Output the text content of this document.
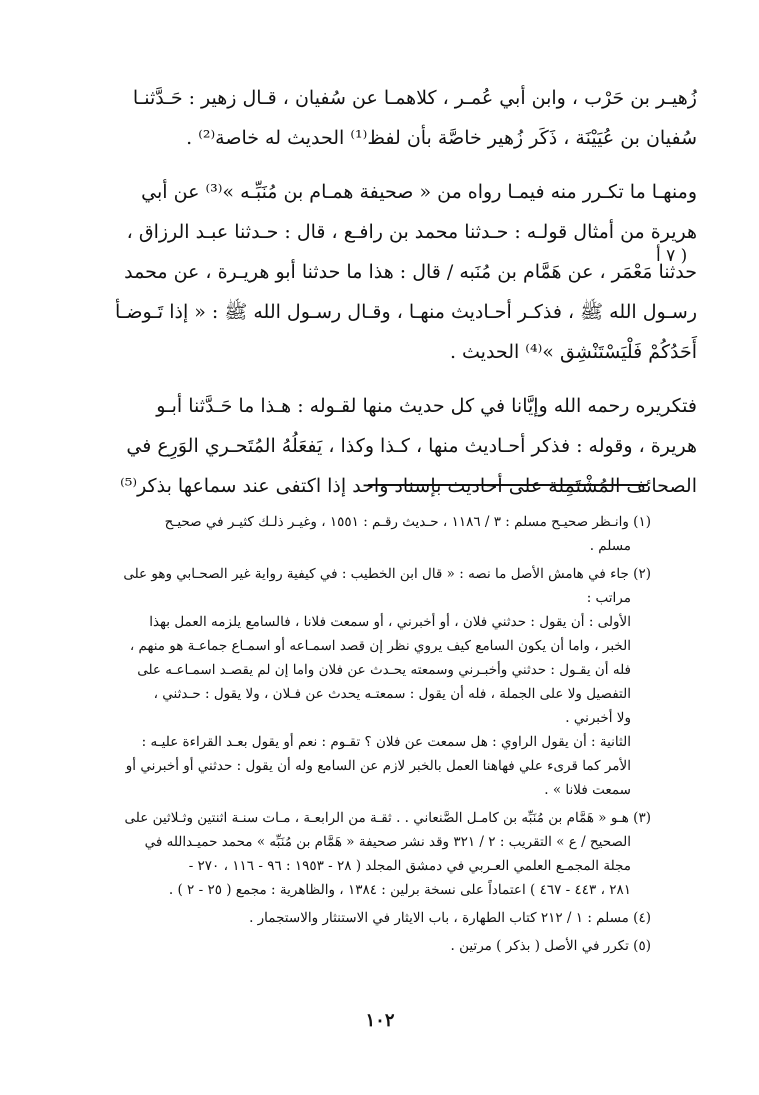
٧ أ )

زُهيـر بن حَرْب ، وابن أبي عُمـر ، كلاهمـا عن سُفيان ، قـال زهير : حَـدَّثنـا
سُفيان بن عُيَيْنَة ، ذَكَر زُهير خاصَّة بأن لفظ⁽¹⁾ الحديث له خاصة⁽²⁾ .

ومنهـا ما تكـرر منه فيمـا رواه من « صحيفة همـام بن مُنَبِّـه »⁽³⁾ عن أبي
هريرة من أمثال قولـه : حـدثنا محمد بن رافـع ، قال : حـدثنا عبـد الرزاق ،
حدثنا مَعْمَر ، عن هَمَّام بن مُنَبه / قال : هذا ما حدثنا أبو هريـرة ، عن محمد
رسـول الله ﷺ ، فذكـر أحـاديث منهـا ، وقـال رسـول الله ﷺ : « إذا تَـوضـأ
أَحَدُكُمْ فَلْيَسْتَنْشِق »⁽⁴⁾ الحديث .

فتكريره رحمه الله وإيَّانا في كل حديث منها لقـوله : هـذا ما حَـدَّثنا أبـو
هريرة ، وقوله : فذكر أحـاديث منها ، كـذا وكذا ، يَفعَلُهُ المُتَحـري الوَرِع في
الصحائف المُشْتَمِلة على أحاديث بإسناد واحد إذا اكتفى عند سماعها بذكر⁽⁵⁾

(١) وانـظر صحيـح مسلم : ٣ / ١١٨٦ ، حـديث رقـم : ١٥٥١ ، وغيـر ذلـك كثيـر في صحيـح
مسلم .
(٢) جاء في هامش الأصل ما نصه : « قال ابن الخطيب : في كيفية رواية غير الصحـابي وهو على
مراتب :
الأولى : أن يقول : حدثني فلان ، أو أخبرني ، أو سمعت فلانا ، فالسامع يلزمه العمل بهذا
الخبر ، واما أن يكون السامع كيف يروي نظر إن قصد اسمـاعه أو اسمـاع جماعـة هو منهم ،
فله أن يقـول : حدثني وأخبـرني وسمعته يحـدث عن فلان واما إن لم يقصـد اسمـاعـه على
التفصيل ولا على الجملة ، فله أن يقول : سمعتـه يحدث عن فـلان ، ولا يقول : حـدثني ،
ولا أخبرني .
الثانية : أن يقول الراوي : هل سمعت عن فلان ؟ تقـوم : نعم أو يقول بعـد القراءة عليـه :
الأمر كما قرىء علي فهاهنا العمل بالخبر لازم عن السامع وله أن يقول : حدثني أو أخبرني أو
سمعت فلانا » .
(٣) هـو « هَمَّام بن مُنَبِّه بن كامـل الصَّنعاني . . ثقـة من الرابعـة ، مـات سنـة اثنتين وثـلاثين على
الصحيح / ع » التقريب : ٢ / ٣٢١ وقد نشر صحيفة « هَمَّام بن مُنَبِّه » محمد حميـدالله في
مجلة المجمـع العلمي العـربي في دمشق المجلد ( ٢٨ - ١٩٥٣ : ٩٦ - ١١٦ ، ٢٧٠ -
٢٨١ ، ٤٤٣ - ٤٦٧ ) اعتماداً على نسخة برلين : ١٣٨٤ ، والظاهرية : مجمع ( ٢٥ - ٢ ) .
(٤) مسلم : ١ / ٢١٢ كتاب الطهارة ، باب الايثار في الاستنثار والاستجمار .
(٥) تكرر في الأصل ( بذكر ) مرتين .
١٠٢
